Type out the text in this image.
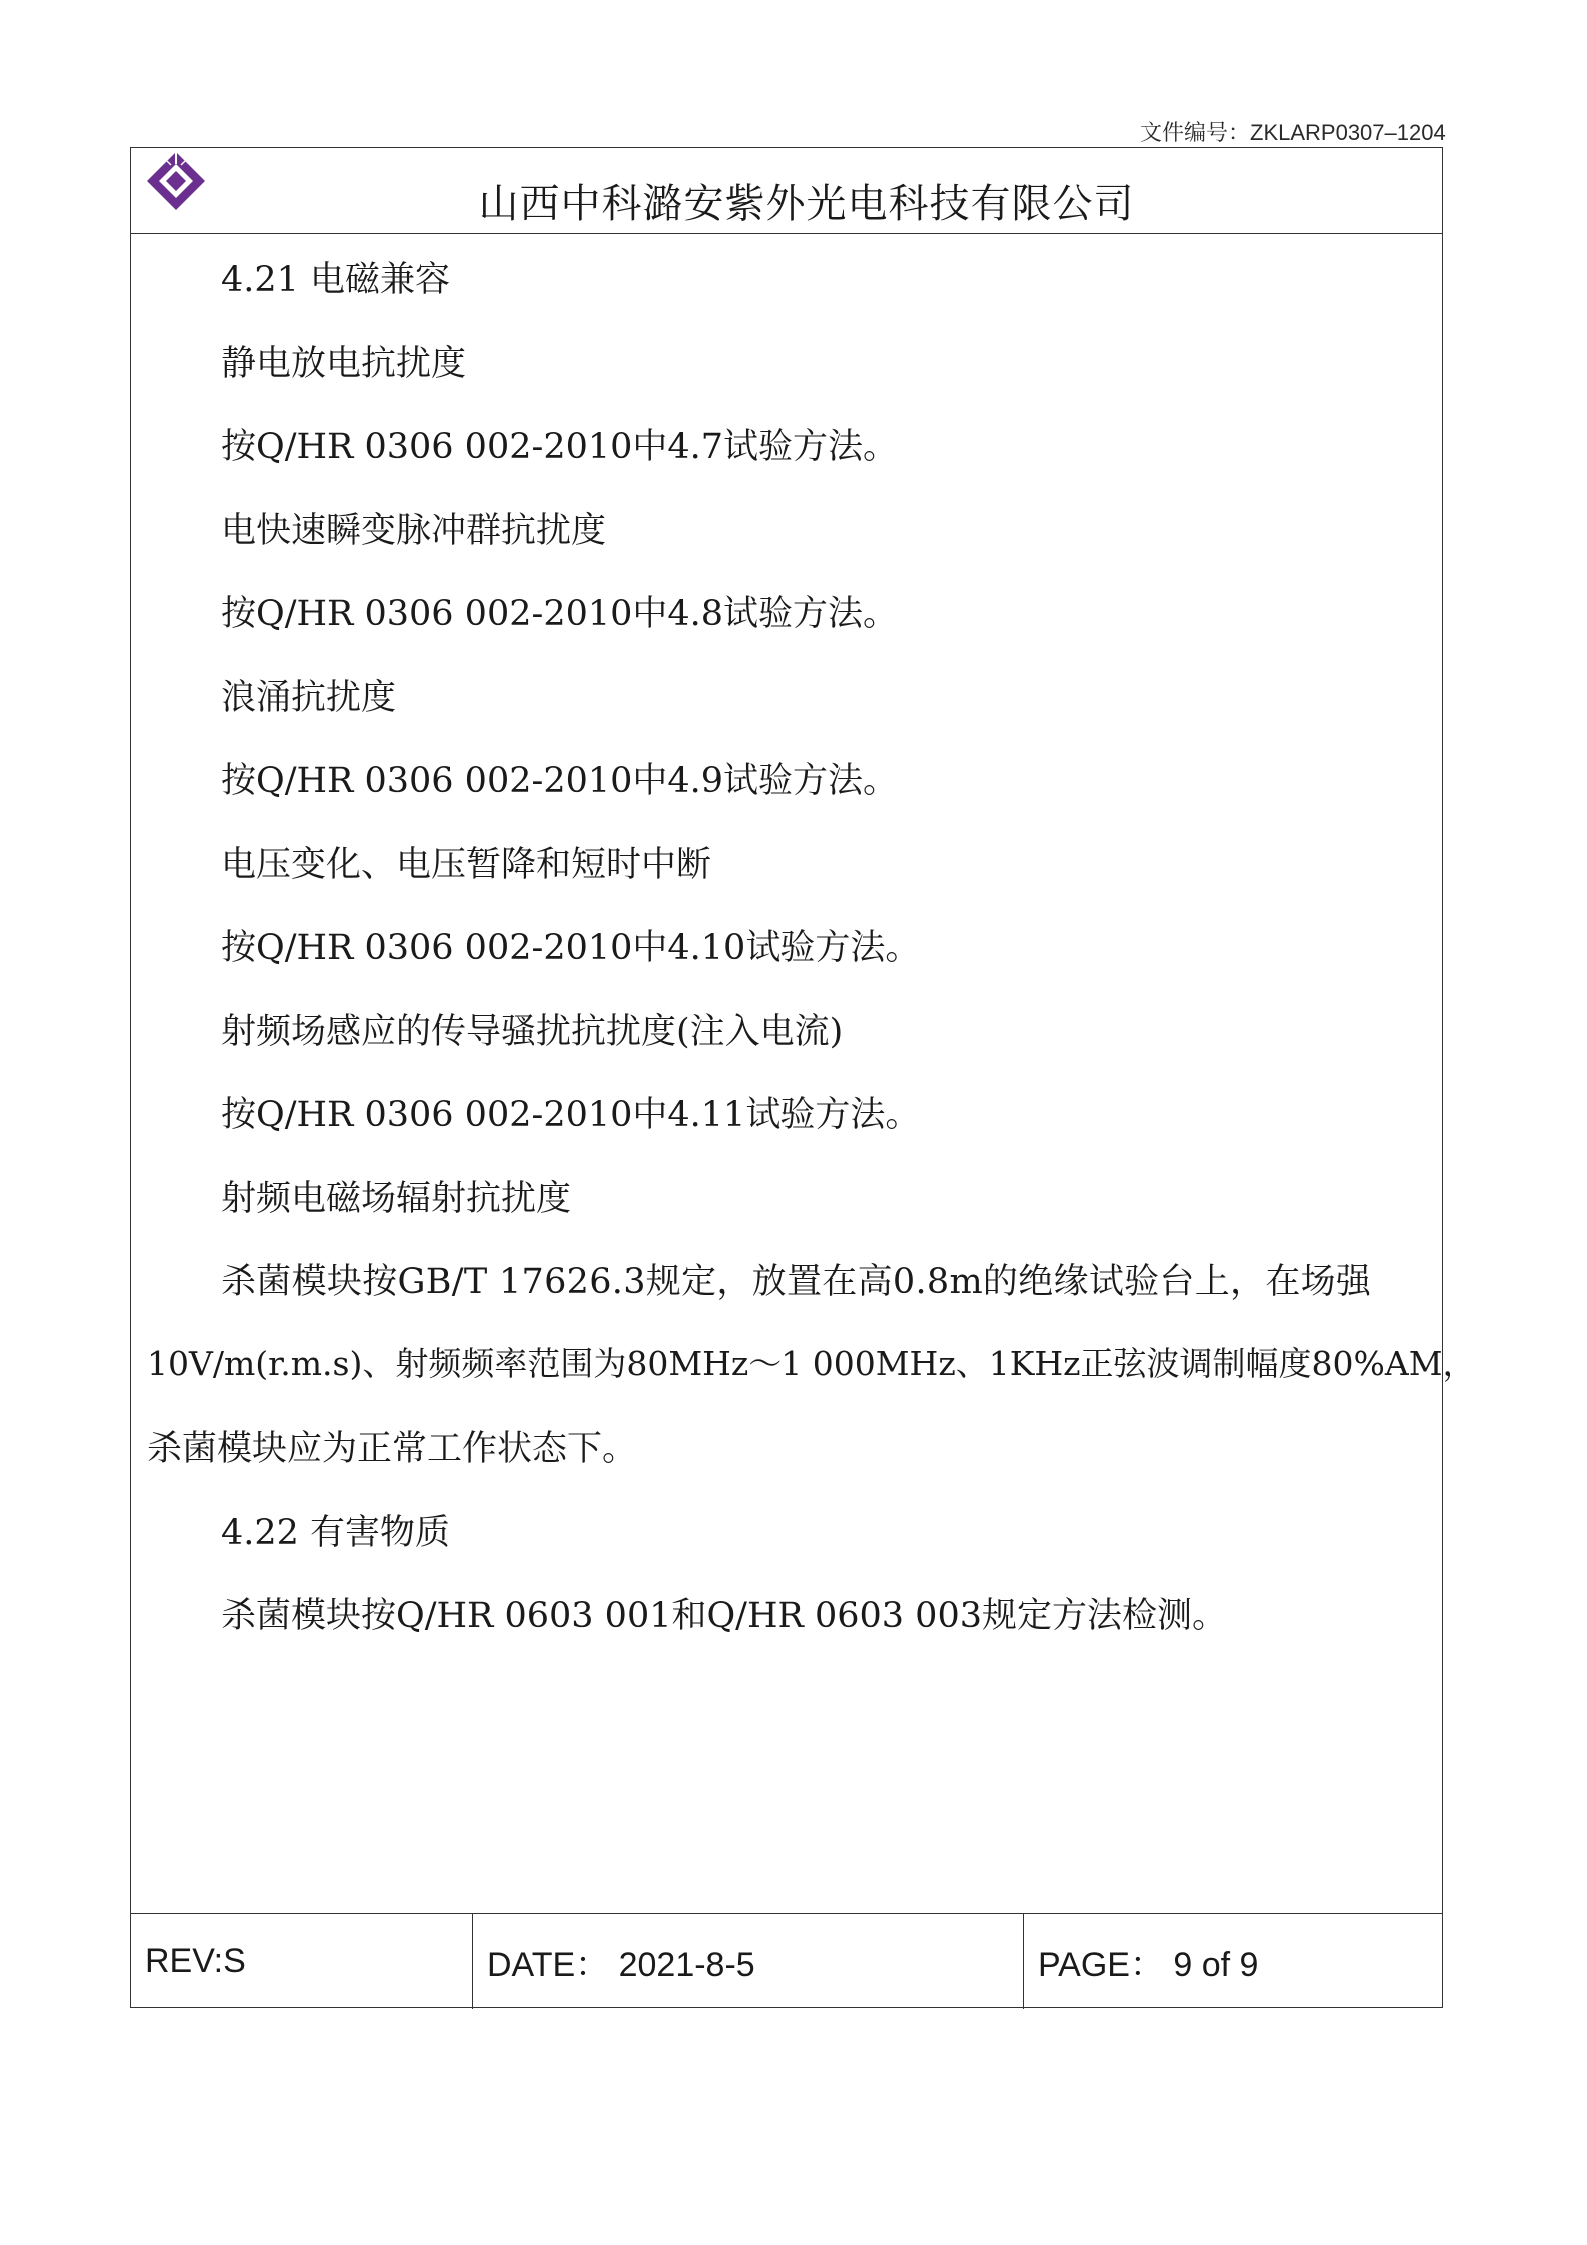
文件编号：ZKLARP0307–1204
山西中科潞安紫外光电科技有限公司
4.21 电磁兼容
静电放电抗扰度
按Q/HR 0306 002-2010中4.7试验方法。
电快速瞬变脉冲群抗扰度
按Q/HR 0306 002-2010中4.8试验方法。
浪涌抗扰度
按Q/HR 0306 002-2010中4.9试验方法。
电压变化、电压暂降和短时中断
按Q/HR 0306 002-2010中4.10试验方法。
射频场感应的传导骚扰抗扰度(注入电流)
按Q/HR 0306 002-2010中4.11试验方法。
射频电磁场辐射抗扰度
杀菌模块按GB/T 17626.3规定，放置在高0.8m的绝缘试验台上，在场强
10V/m(r.m.s)、射频频率范围为80MHz～1 000MHz、1KHz正弦波调制幅度80%AM，
杀菌模块应为正常工作状态下。
4.22 有害物质
杀菌模块按Q/HR 0603 001和Q/HR 0603 003规定方法检测。
REV:S	DATE： 2021-8-5	PAGE： 9 of 9
